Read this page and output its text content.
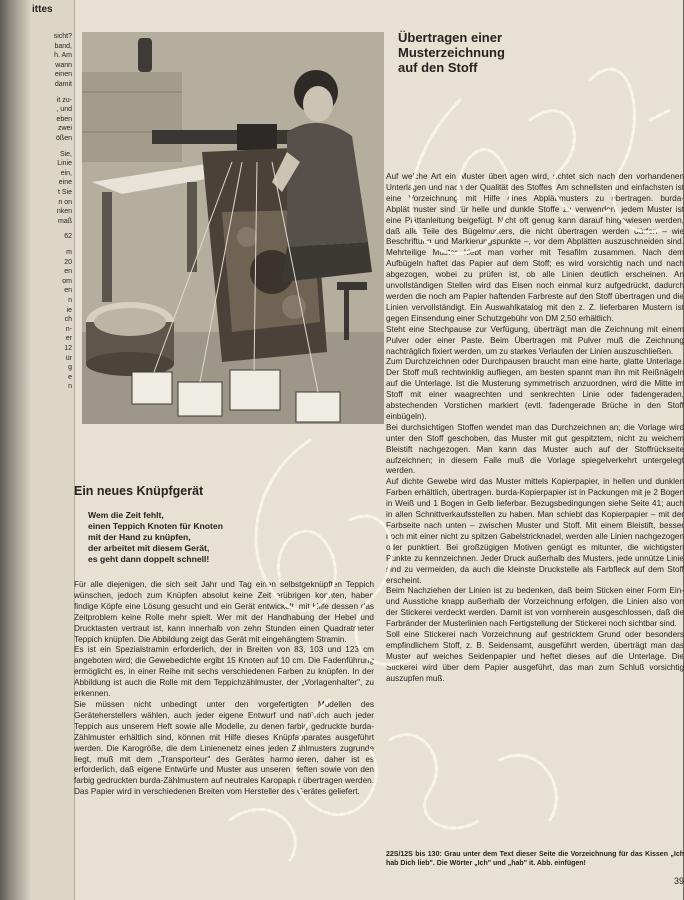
ittes
sicht?
band,
h. Am
wann
einen
damit
it zu-
, und
eben
zwei
ößen
Sie,
Linie
ein,
eine
t Sie
n on
nken
maß
62
m
20
en
om
en
n
ie
ch
n-
er
12
ür
g
e
n
Übertragen einer
Musterzeichnung
auf den Stoff

Auf welche Art ein Muster übertragen wird, richtet sich nach den vorhandenen Unterlagen und nach der Qualität des Stoffes. Am schnellsten und einfachsten ist eine Vorzeichnung mit Hilfe eines Abplättmusters zu übertragen. burda-Abplättmuster sind für helle und dunkle Stoffe zu verwenden; jedem Muster ist eine Plättanleitung beigefügt. Nicht oft genug kann darauf hingewiesen werden, daß alle Teile des Bügelmusters, die nicht übertragen werden dürfen – wie Beschriftung und Markierungspunkte –, vor dem Abplätten auszuschneiden sind. Mehrteilige Muster klebt man vorher mit Tesafilm zusammen. Nach dem Aufbügeln haftet das Papier auf dem Stoff; es wird vorsichtig nach und nach abgezogen, wobei zu prüfen ist, ob alle Linien deutlich erscheinen. An unvollständigen Stellen wird das Eisen noch einmal kurz aufgedrückt, dadurch werden die noch am Papier haftenden Farbreste auf den Stoff übertragen und die Linien vervollständigt. Ein Auswahlkatalog mit den z. Z. lieferbaren Mustern ist gegen Einsendung einer Schutzgebühr von DM 2,50 erhältlich.

Steht eine Stechpause zur Verfügung, überträgt man die Zeichnung mit einem Pulver oder einer Paste. Beim Übertragen mit Pulver muß die Zeichnung nachträglich fixiert werden, um zu starkes Verlaufen der Linien auszuschließen.

Zum Durchzeichnen oder Durchpausen braucht man eine harte, glatte Unterlage. Der Stoff muß rechtwinklig aufliegen, am besten spannt man ihn mit Reißnägeln auf die Unterlage. Ist die Musterung symmetrisch anzuordnen, wird die Mitte im Stoff mit einer waagrechten und senkrechten Linie oder fadengeraden, abstechenden Vorstichen markiert (evtl. fadengerade Brüche in den Stoff einbügeln).

Bei durchsichtigen Stoffen wendet man das Durchzeichnen an; die Vorlage wird unter den Stoff geschoben, das Muster mit gut gespitztem, nicht zu weichem Bleistift nachgezogen. Man kann das Muster auch auf der Stoffrückseite aufzeichnen; in diesem Falle muß die Vorlage spiegelverkehrt untergelegt werden.

Auf dichte Gewebe wird das Muster mittels Kopierpapier, in hellen und dunklen Farben erhältlich, übertragen. burda-Kopierpapier ist in Packungen mit je 2 Bogen in Weiß und 1 Bogen in Gelb lieferbar. Bezugsbedingungen siehe Seite 41; auch in allen Schnittverkaufsstellen zu haben. Man schiebt das Kopierpapier – mit der Farbseite nach unten – zwischen Muster und Stoff. Mit einem Bleistift, besser noch mit einer nicht zu spitzen Gabelstricknadel, werden alle Linien nachgezogen oder punktiert. Bei großzügigen Motiven genügt es mitunter, die wichtigsten Punkte zu kennzeichnen. Jeder Druck außerhalb des Musters, jede unnütze Linie sind zu vermeiden, da auch die kleinste Druckstelle als Farbfleck auf dem Stoff erscheint.

Beim Nachziehen der Linien ist zu bedenken, daß beim Sticken einer Form Ein- und Ausstiche knapp außerhalb der Vorzeichnung erfolgen, die Linien also von der Stickerei verdeckt werden. Damit ist von vornherein ausgeschlossen, daß die Farbränder der Musterlinien nach Fertigstellung der Stickerei noch sichtbar sind.

Soll eine Stickerei nach Vorzeichnung auf gestricktem Grund oder besonders empfindlichem Stoff, z. B. Seidensamt, ausgeführt werden, überträgt man das Muster auf weiches Seidenpapier und heftet dieses auf die Unterlage. Die Stickerei wird über dem Papier ausgeführt, das man zum Schluß vorsichtig auszupfen muß.

Ein neues Knüpfgerät
Wem die Zeit fehlt,
einen Teppich Knoten für Knoten
mit der Hand zu knüpfen,
der arbeitet mit diesem Gerät,
es geht dann doppelt schnell!

Für alle diejenigen, die sich seit Jahr und Tag einen selbstgeknüpften Teppich wünschen, jedoch zum Knüpfen absolut keine Zeit erübrigen konnten, haben findige Köpfe eine Lösung gesucht und ein Gerät entwickelt, mit Hilfe dessen das Zeitproblem keine Rolle mehr spielt. Wer mit der Handhabung der Hebel und Drucktasten vertraut ist, kann innerhalb von zehn Stunden einen Quadratmeter Teppich knüpfen. Die Abbildung zeigt das Gerät mit eingehängtem Stramin.

Es ist ein Spezialstramin erforderlich, der in Breiten von 83, 103 und 123 cm angeboten wird; die Gewebedichte ergibt 15 Knoten auf 10 cm. Die Fadenführung ermöglicht es, in einer Reihe mit sechs verschiedenen Farben zu knüpfen. In der Abbildung ist auch die Rolle mit dem Teppichzählmuster, der „Vorlagenhalter", zu erkennen.

Sie müssen nicht unbedingt unter den vorgefertigten Modellen des Geräteherstellers wählen, auch jeder eigene Entwurf und natürlich auch jeder Teppich aus unserem Heft sowie alle Modelle, zu denen farbig gedruckte burda-Zählmuster erhältlich sind, können mit Hilfe dieses Knüpfapparates ausgeführt werden. Die Karogröße, die dem Linienenetz eines jeden Zählmusters zugrunde liegt, muß mit dem „Transporteur" des Gerätes harmonieren, daher ist es erforderlich, daß eigene Entwürfe und Muster aus unseren Heften sowie von den farbig gedruckten burda-Zählmustern auf neutrales Karopapier übertragen werden. Das Papier wird in verschiedenen Breiten vom Hersteller des Gerätes geliefert.

22S/12S bis 130: Grau unter dem Text dieser Seite die Vorzeichnung für das Kissen „Ich hab Dich lieb". Die Wörter „Ich" und „hab" it. Abb. einfügen!
39
